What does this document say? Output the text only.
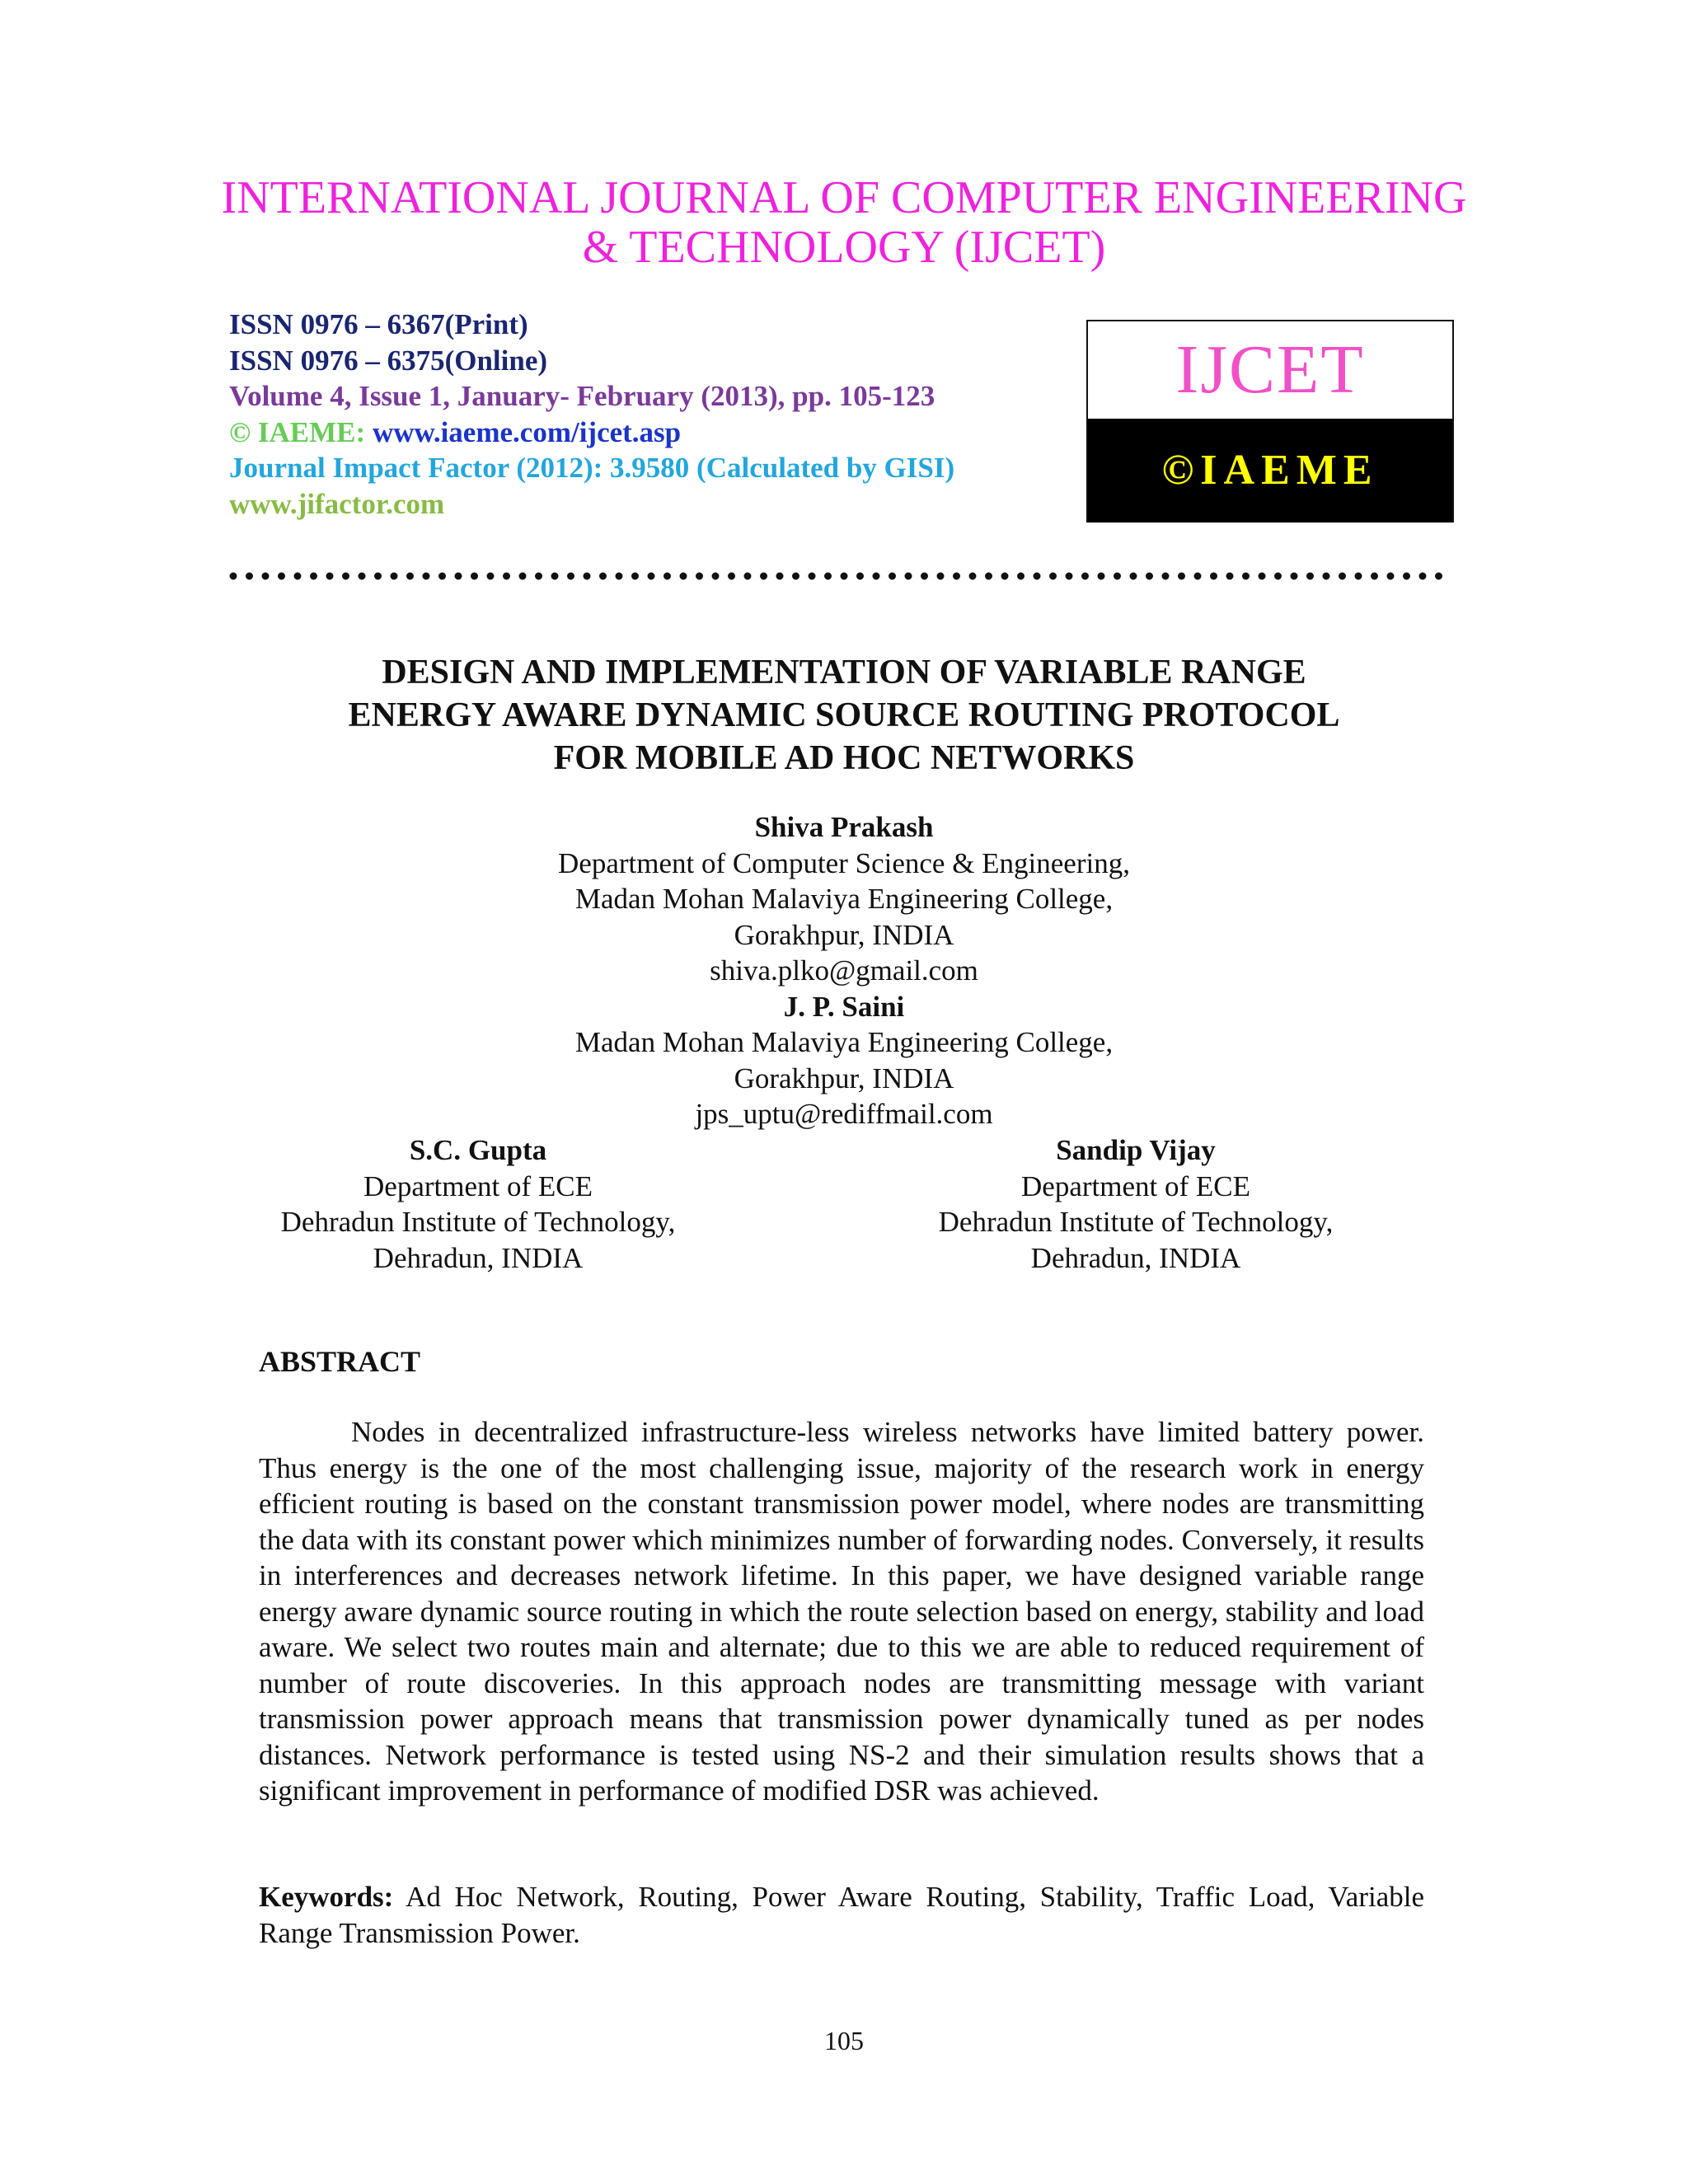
INTERNATIONAL JOURNAL OF COMPUTER ENGINEERING
& TECHNOLOGY (IJCET)
ISSN 0976 – 6367(Print)
ISSN 0976 – 6375(Online)
Volume 4, Issue 1, January- February (2013), pp. 105-123
© IAEME: www.iaeme.com/ijcet.asp
Journal Impact Factor (2012): 3.9580 (Calculated by GISI)
www.jifactor.com
IJCET
©IAEME
DESIGN AND IMPLEMENTATION OF VARIABLE RANGE
ENERGY AWARE DYNAMIC SOURCE ROUTING PROTOCOL
FOR MOBILE AD HOC NETWORKS
Shiva Prakash
Department of Computer Science & Engineering,
Madan Mohan Malaviya Engineering College,
Gorakhpur, INDIA
shiva.plko@gmail.com
J. P. Saini
Madan Mohan Malaviya Engineering College,
Gorakhpur, INDIA
jps_uptu@rediffmail.com
S.C. Gupta
Department of ECE
Dehradun Institute of Technology,
Dehradun, INDIA
Sandip Vijay
Department of ECE
Dehradun Institute of Technology,
Dehradun, INDIA
ABSTRACT

Nodes in decentralized infrastructure-less wireless networks have limited battery power. Thus energy is the one of the most challenging issue, majority of the research work in energy efficient routing is based on the constant transmission power model, where nodes are transmitting the data with its constant power which minimizes number of forwarding nodes. Conversely, it results in interferences and decreases network lifetime. In this paper, we have designed variable range energy aware dynamic source routing in which the route selection based on energy, stability and load aware. We select two routes main and alternate; due to this we are able to reduced requirement of number of route discoveries. In this approach nodes are transmitting message with variant transmission power approach means that transmission power dynamically tuned as per nodes distances. Network performance is tested using NS-2 and their simulation results shows that a significant improvement in performance of modified DSR was achieved.

Keywords: Ad Hoc Network, Routing, Power Aware Routing, Stability, Traffic Load, Variable Range Transmission Power.

105
